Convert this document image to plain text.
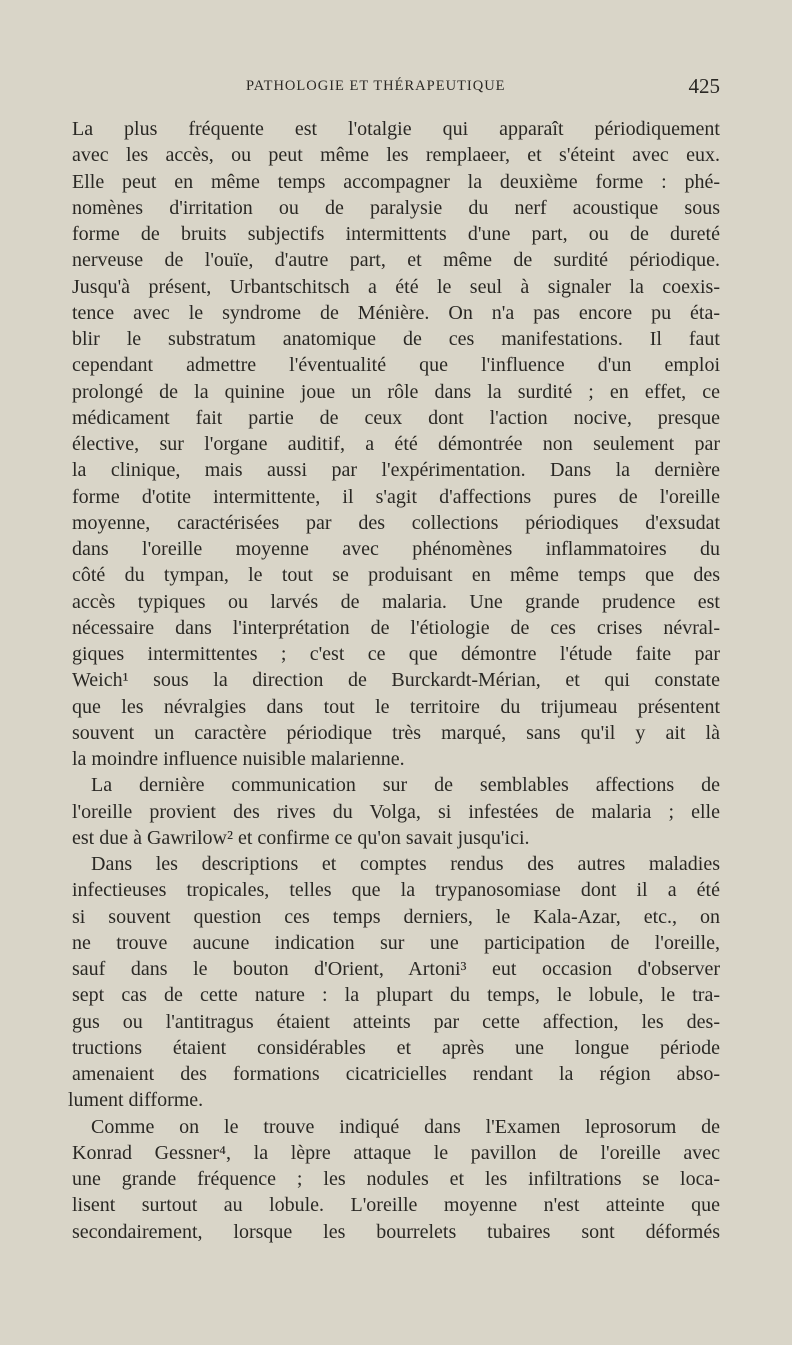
PATHOLOGIE ET THÉRAPEUTIQUE	425
La plus fréquente est l'otalgie qui apparaît périodiquement
avec les accès, ou peut même les remplaeer, et s'éteint avec eux.
Elle peut en même temps accompagner la deuxième forme : phé-
nomènes d'irritation ou de paralysie du nerf acoustique sous
forme de bruits subjectifs intermittents d'une part, ou de dureté
nerveuse de l'ouïe, d'autre part, et même de surdité périodique.
Jusqu'à présent, Urbantschitsch a été le seul à signaler la coexis-
tence avec le syndrome de Ménière. On n'a pas encore pu éta-
blir le substratum anatomique de ces manifestations. Il faut
cependant admettre l'éventualité que l'influence d'un emploi
prolongé de la quinine joue un rôle dans la surdité ; en effet, ce
médicament fait partie de ceux dont l'action nocive, presque
élective, sur l'organe auditif, a été démontrée non seulement par
la clinique, mais aussi par l'expérimentation. Dans la dernière
forme d'otite intermittente, il s'agit d'affections pures de l'oreille
moyenne, caractérisées par des collections périodiques d'exsudat
dans l'oreille moyenne avec phénomènes inflammatoires du
côté du tympan, le tout se produisant en même temps que des
accès typiques ou larvés de malaria. Une grande prudence est
nécessaire dans l'interprétation de l'étiologie de ces crises névral-
giques intermittentes ; c'est ce que démontre l'étude faite par
Weich¹ sous la direction de Burckardt-Mérian, et qui constate
que les névralgies dans tout le territoire du trijumeau présentent
souvent un caractère périodique très marqué, sans qu'il y ait là
la moindre influence nuisible malarienne.
La dernière communication sur de semblables affections de
l'oreille provient des rives du Volga, si infestées de malaria ; elle
est due à Gawrilow² et confirme ce qu'on savait jusqu'ici.
Dans les descriptions et comptes rendus des autres maladies
infectieuses tropicales, telles que la trypanosomiase dont il a été
si souvent question ces temps derniers, le Kala-Azar, etc., on
ne trouve aucune indication sur une participation de l'oreille,
sauf dans le bouton d'Orient, Artoni³ eut occasion d'observer
sept cas de cette nature : la plupart du temps, le lobule, le tra-
gus ou l'antitragus étaient atteints par cette affection, les des-
tructions étaient considérables et après une longue période
amenaient des formations cicatricielles rendant la région abso-
lument difforme.
Comme on le trouve indiqué dans l'Examen leprosorum de
Konrad Gessner⁴, la lèpre attaque le pavillon de l'oreille avec
une grande fréquence ; les nodules et les infiltrations se loca-
lisent surtout au lobule. L'oreille moyenne n'est atteinte que
secondairement, lorsque les bourrelets tubaires sont déformés
